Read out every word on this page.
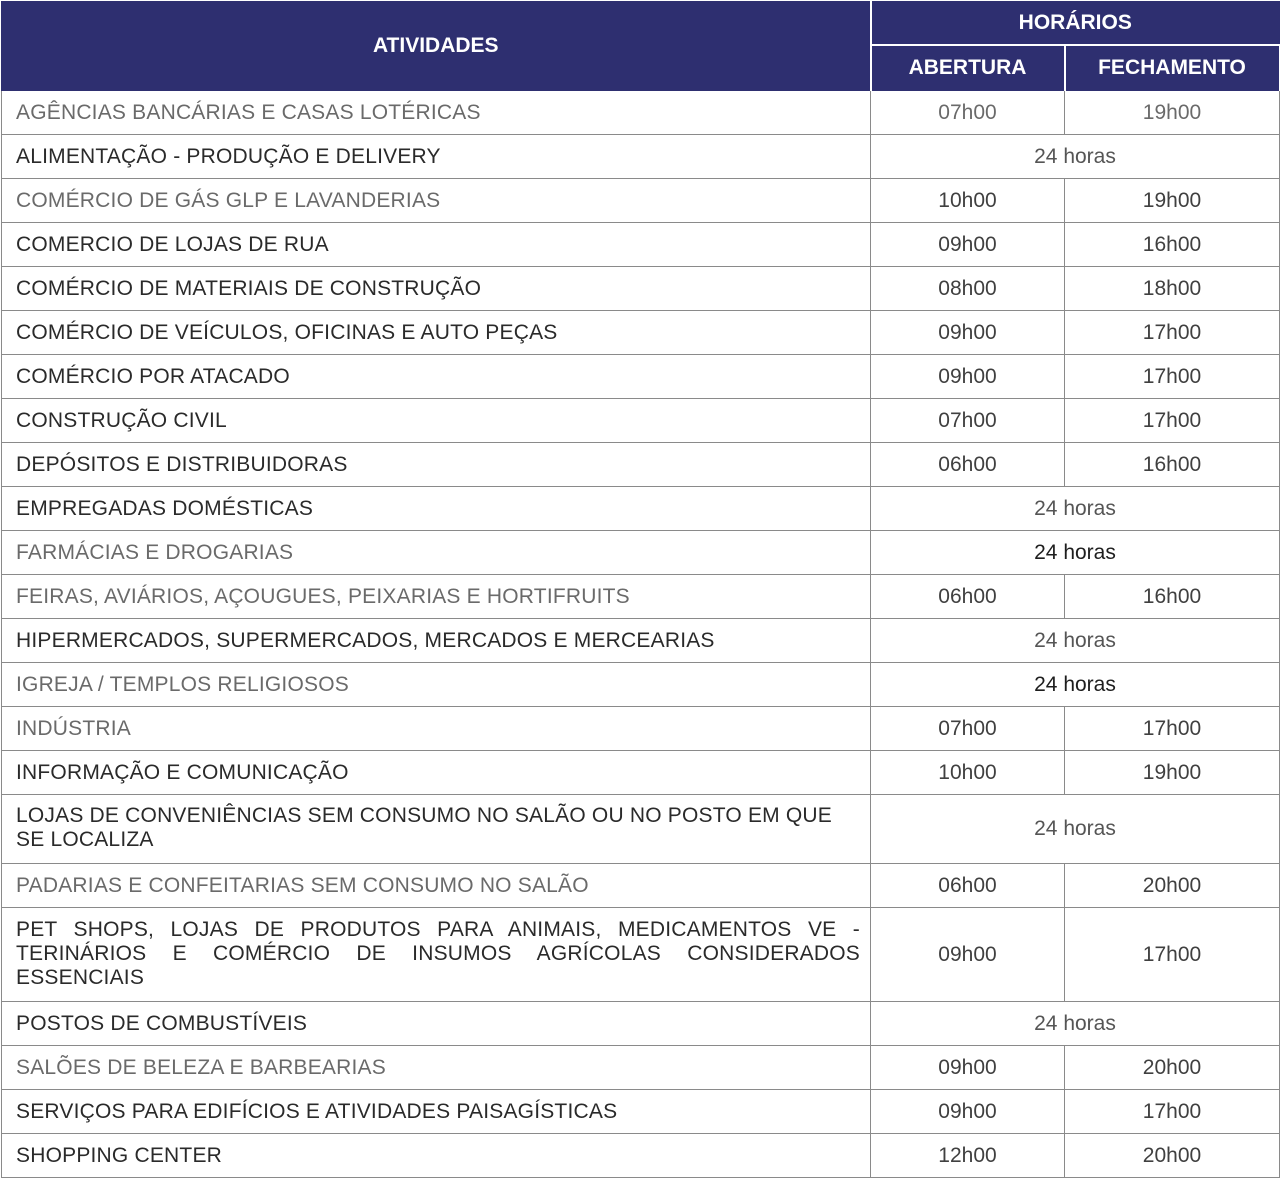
ATIVIDADES	HORÁRIOS	
	ABERTURA	FECHAMENTO
AGÊNCIAS BANCÁRIAS E CASAS LOTÉRICAS	07h00	19h00
ALIMENTAÇÃO - PRODUÇÃO E DELIVERY	24 horas	
COMÉRCIO DE GÁS GLP E LAVANDERIAS	10h00	19h00
COMERCIO DE LOJAS DE RUA	09h00	16h00
COMÉRCIO DE MATERIAIS DE CONSTRUÇÃO	08h00	18h00
COMÉRCIO DE VEÍCULOS, OFICINAS E AUTO PEÇAS	09h00	17h00
COMÉRCIO POR ATACADO	09h00	17h00
CONSTRUÇÃO CIVIL	07h00	17h00
DEPÓSITOS E DISTRIBUIDORAS	06h00	16h00
EMPREGADAS DOMÉSTICAS	24 horas	
FARMÁCIAS E DROGARIAS	24 horas	
FEIRAS, AVIÁRIOS, AÇOUGUES, PEIXARIAS E HORTIFRUITS	06h00	16h00
HIPERMERCADOS, SUPERMERCADOS, MERCADOS E MERCEARIAS	24 horas	
IGREJA / TEMPLOS RELIGIOSOS	24 horas	
INDÚSTRIA	07h00	17h00
INFORMAÇÃO E COMUNICAÇÃO	10h00	19h00
LOJAS DE CONVENIÊNCIAS SEM CONSUMO NO SALÃO OU NO POSTO EM QUE SE LOCALIZA	24 horas	
PADARIAS E CONFEITARIAS SEM CONSUMO NO SALÃO	06h00	20h00
PET SHOPS, LOJAS DE PRODUTOS PARA ANIMAIS, MEDICAMENTOS VE - TERINÁRIOS E COMÉRCIO DE INSUMOS AGRÍCOLAS CONSIDERADOS ESSENCIAIS	09h00	17h00
POSTOS DE COMBUSTÍVEIS	24 horas	
SALÕES DE BELEZA E BARBEARIAS	09h00	20h00
SERVIÇOS PARA EDIFÍCIOS E ATIVIDADES PAISAGÍSTICAS	09h00	17h00
SHOPPING CENTER	12h00	20h00
